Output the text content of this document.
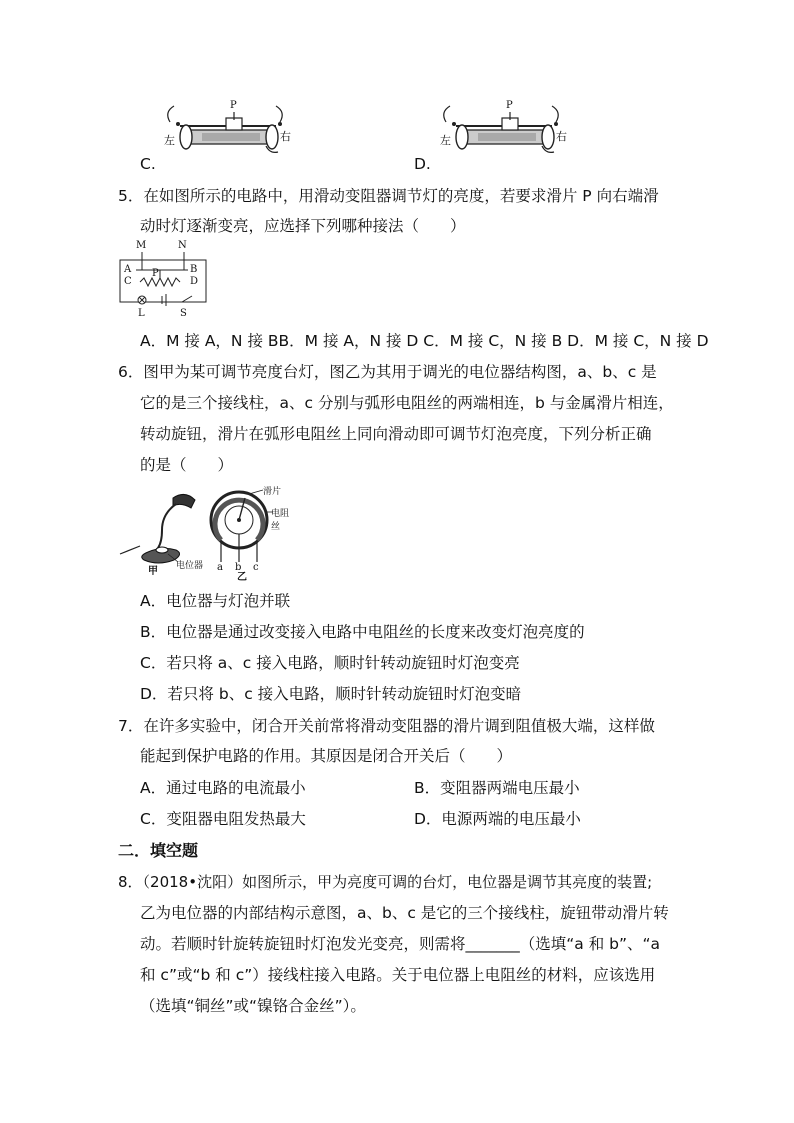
P
左	右
C.
P
左	右
D.
5．在如图所示的电路中，用滑动变阻器调节灯的亮度，若要求滑片 P 向右端滑
动时灯逐渐变亮，应选择下列哪种接法（　　）
M	N
A	B
C	D
P
L	S
A．M 接 A，N 接 BB．M 接 A，N 接 D C．M 接 C，N 接 B D．M 接 C，N 接 D
6．图甲为某可调节亮度台灯，图乙为其用于调光的电位器结构图，a、b、c 是
它的是三个接线柱，a、c 分别与弧形电阻丝的两端相连，b 与金属滑片相连，
转动旋钮，滑片在弧形电阻丝上同向滑动即可调节灯泡亮度，下列分析正确
的是（　　）
甲 电位器
滑片
电阻丝
a b c
乙
A．电位器与灯泡并联
B．电位器是通过改变接入电路中电阻丝的长度来改变灯泡亮度的
C．若只将 a、c 接入电路，顺时针转动旋钮时灯泡变亮
D．若只将 b、c 接入电路，顺时针转动旋钮时灯泡变暗
7．在许多实验中，闭合开关前常将滑动变阻器的滑片调到阻值极大端，这样做
能起到保护电路的作用。其原因是闭合开关后（　　）
A．通过电路的电流最小	B．变阻器两端电压最小
C．变阻器电阻发热最大	D．电源两端的电压最小
二．填空题
8．（2018•沈阳）如图所示，甲为亮度可调的台灯，电位器是调节其亮度的装置;
乙为电位器的内部结构示意图，a、b、c 是它的三个接线柱，旋钮带动滑片转
动。若顺时针旋转旋钮时灯泡发光变亮，则需将_______（选填“a 和 b”、“a
和 c”或“b 和 c”）接线柱接入电路。关于电位器上电阻丝的材料，应该选用
（选填“铜丝”或“镍铬合金丝”）。
